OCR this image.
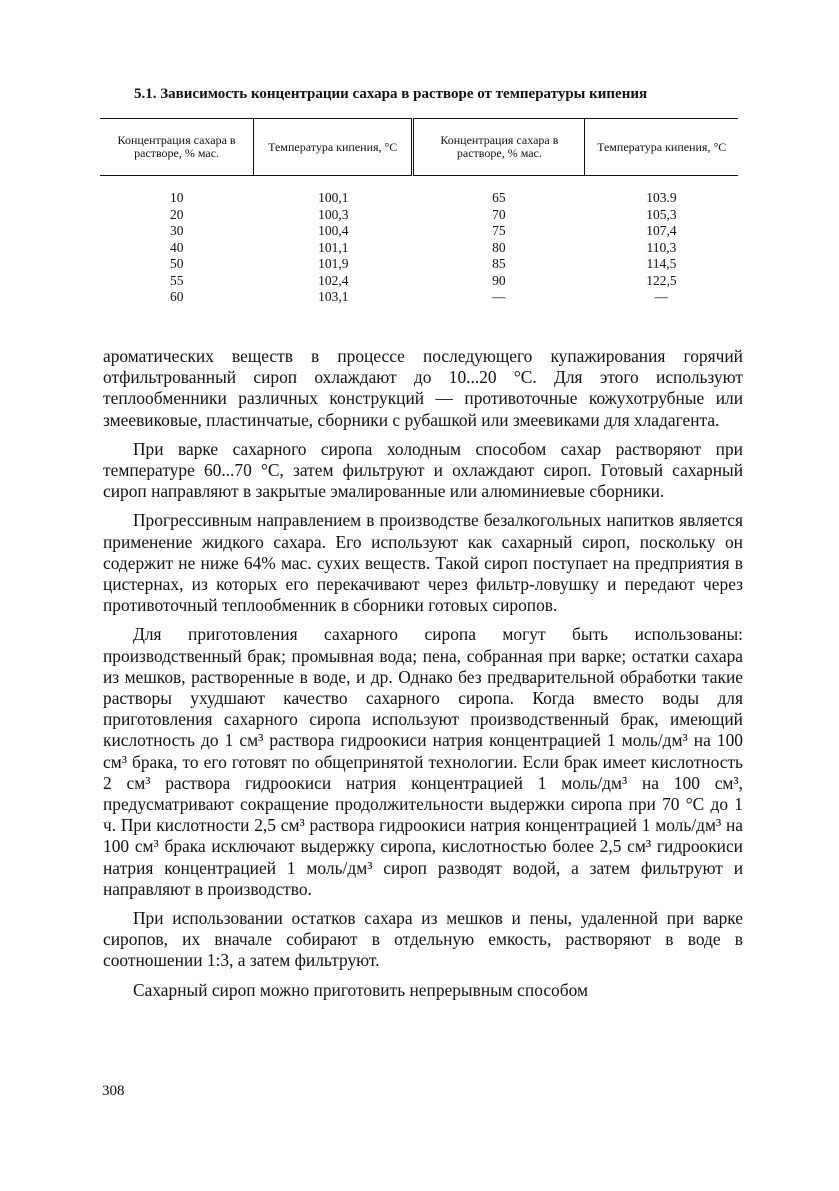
5.1. Зависимость концентрации сахара в растворе от температуры кипения
Концентрация сахара в растворе, % мас.	Температура кипения, °С	Концентрация сахара в растворе, % мас.	Температура кипения, °С
10	100,1	65	103.9
20	100,3	70	105,3
30	100,4	75	107,4
40	101,1	80	110,3
50	101,9	85	114,5
55	102,4	90	122,5
60	103,1	—	—

ароматических веществ в процессе последующего купажирования горячий отфильтрованный сироп охлаждают до 10...20 °С. Для этого используют теплообменники различных конструкций — противоточные кожухотрубные или змеевиковые, пластинчатые, сборники с рубашкой или змеевиками для хладагента.

При варке сахарного сиропа холодным способом сахар растворяют при температуре 60...70 °С, затем фильтруют и охлаждают сироп. Готовый сахарный сироп направляют в закрытые эмалированные или алюминиевые сборники.

Прогрессивным направлением в производстве безалкогольных напитков является применение жидкого сахара. Его используют как сахарный сироп, поскольку он содержит не ниже 64% мас. сухих веществ. Такой сироп поступает на предприятия в цистернах, из которых его перекачивают через фильтр-ловушку и передают через противоточный теплообменник в сборники готовых сиропов.

Для приготовления сахарного сиропа могут быть использованы: производственный брак; промывная вода; пена, собранная при варке; остатки сахара из мешков, растворенные в воде, и др. Однако без предварительной обработки такие растворы ухудшают качество сахарного сиропа. Когда вместо воды для приготовления сахарного сиропа используют производственный брак, имеющий кислотность до 1 см³ раствора гидроокиси натрия концентрацией 1 моль/дм³ на 100 см³ брака, то его готовят по общепринятой технологии. Если брак имеет кислотность 2 см³ раствора гидроокиси натрия концентрацией 1 моль/дм³ на 100 см³, предусматривают сокращение продолжительности выдержки сиропа при 70 °С до 1 ч. При кислотности 2,5 см³ раствора гидроокиси натрия концентрацией 1 моль/дм³ на 100 см³ брака исключают выдержку сиропа, кислотностью более 2,5 см³ гидроокиси натрия концентрацией 1 моль/дм³ сироп разводят водой, а затем фильтруют и направляют в производство.

При использовании остатков сахара из мешков и пены, удаленной при варке сиропов, их вначале собирают в отдельную емкость, растворяют в воде в соотношении 1:3, а затем фильтруют.

Сахарный сироп можно приготовить непрерывным способом

308
